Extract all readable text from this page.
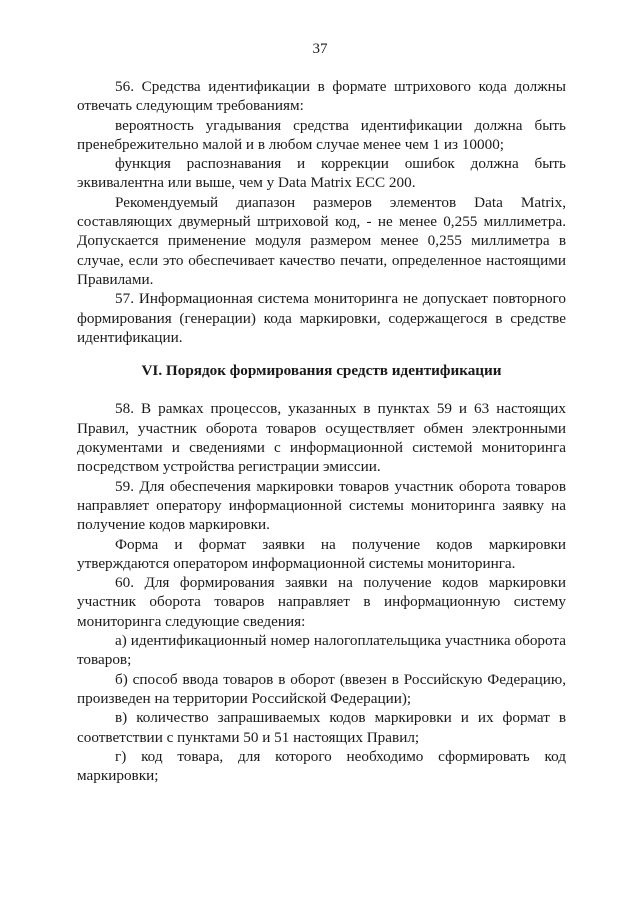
37

56. Средства идентификации в формате штрихового кода должны отвечать следующим требованиям:

вероятность угадывания средства идентификации должна быть пренебрежительно малой и в любом случае менее чем 1 из 10000;

функция распознавания и коррекции ошибок должна быть эквивалентна или выше, чем у Data Matrix ECC 200.

Рекомендуемый диапазон размеров элементов Data Matrix, составляющих двумерный штриховой код, - не менее 0,255 миллиметра. Допускается применение модуля размером менее 0,255 миллиметра в случае, если это обеспечивает качество печати, определенное настоящими Правилами.

57. Информационная система мониторинга не допускает повторного формирования (генерации) кода маркировки, содержащегося в средстве идентификации.

VI. Порядок формирования средств идентификации

58. В рамках процессов, указанных в пунктах 59 и 63 настоящих Правил, участник оборота товаров осуществляет обмен электронными документами и сведениями с информационной системой мониторинга посредством устройства регистрации эмиссии.

59. Для обеспечения маркировки товаров участник оборота товаров направляет оператору информационной системы мониторинга заявку на получение кодов маркировки.

Форма и формат заявки на получение кодов маркировки утверждаются оператором информационной системы мониторинга.

60. Для формирования заявки на получение кодов маркировки участник оборота товаров направляет в информационную систему мониторинга следующие сведения:

а) идентификационный номер налогоплательщика участника оборота товаров;

б) способ ввода товаров в оборот (ввезен в Российскую Федерацию, произведен на территории Российской Федерации);

в) количество запрашиваемых кодов маркировки и их формат в соответствии с пунктами 50 и 51 настоящих Правил;

г) код товара, для которого необходимо сформировать код маркировки;
